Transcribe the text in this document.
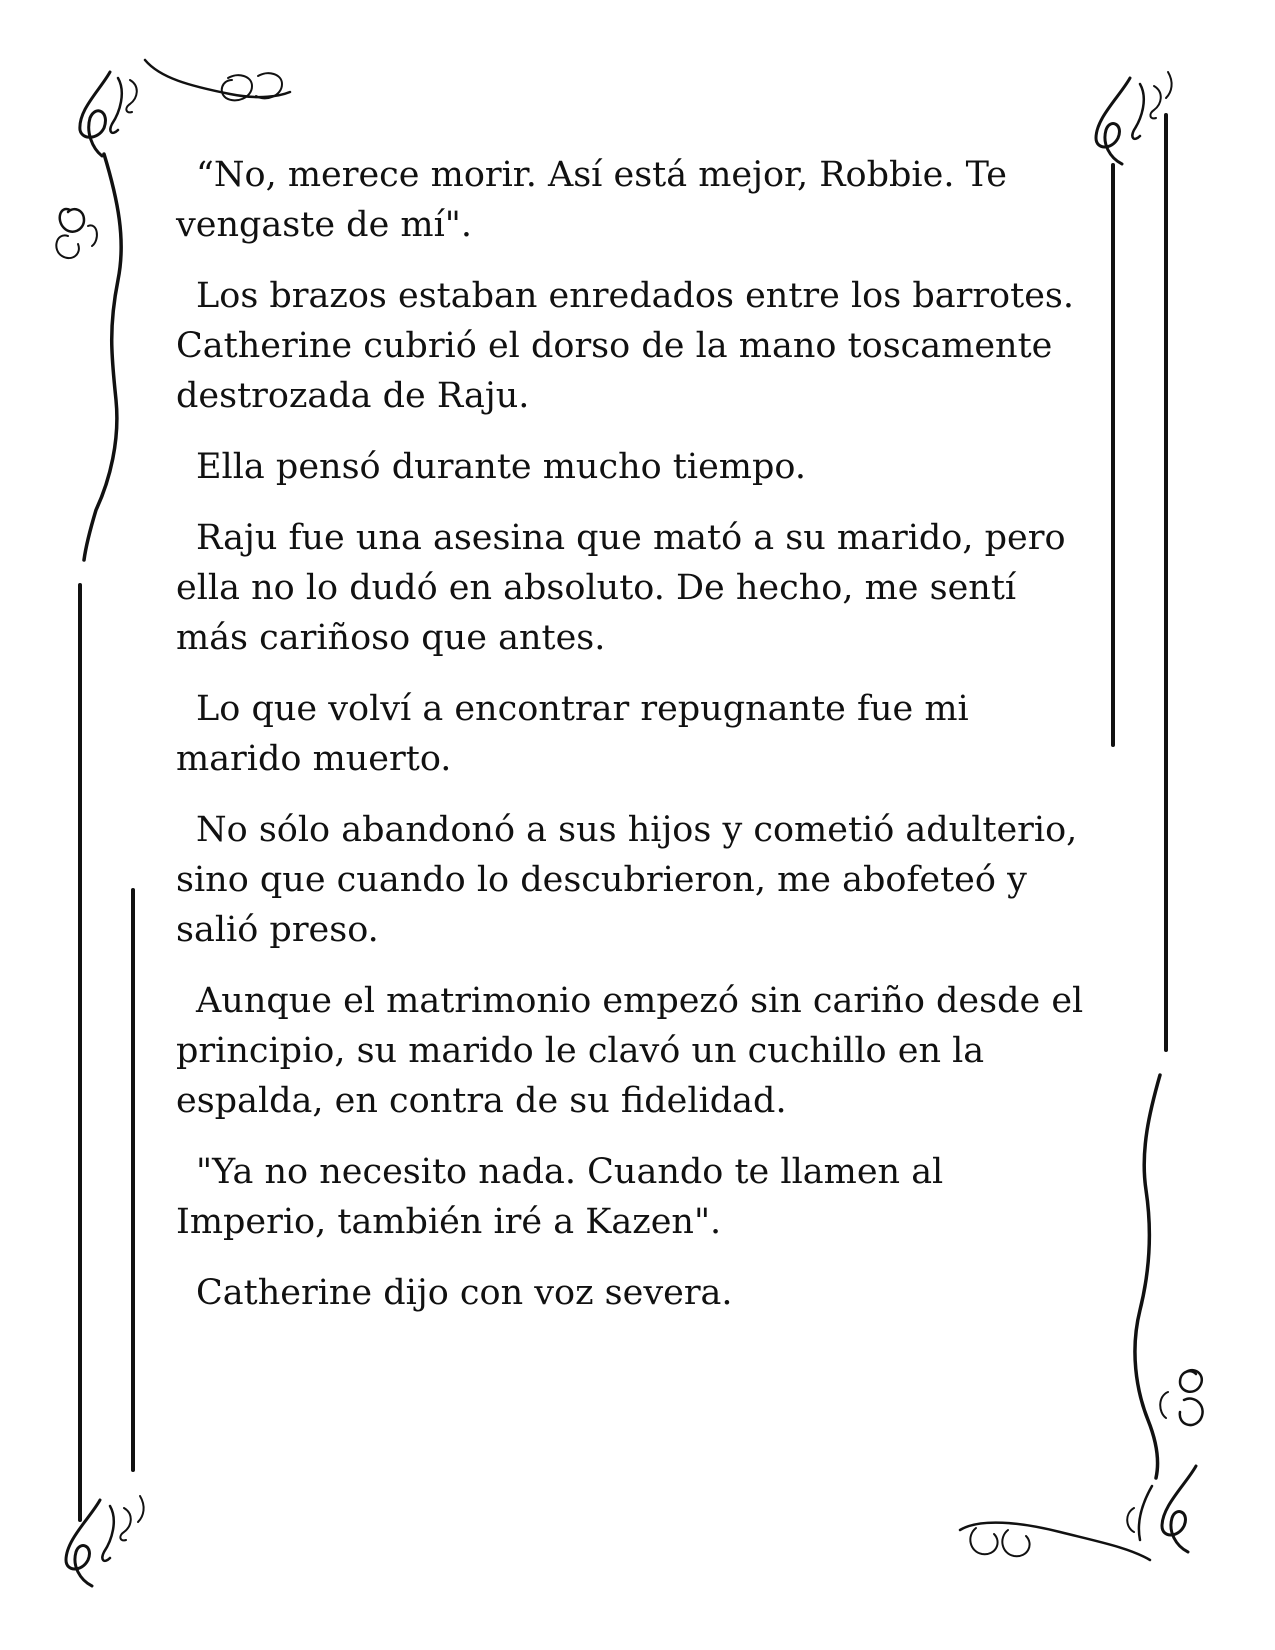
“No, merece morir. Así está mejor, Robbie. Te vengaste de mí".

Los brazos estaban enredados entre los barrotes. Catherine cubrió el dorso de la mano toscamente destrozada de Raju.

Ella pensó durante mucho tiempo.

Raju fue una asesina que mató a su marido, pero ella no lo dudó en absoluto. De hecho, me sentí más cariñoso que antes.

Lo que volví a encontrar repugnante fue mi marido muerto.

No sólo abandonó a sus hijos y cometió adulterio, sino que cuando lo descubrieron, me abofeteó y salió preso.

Aunque el matrimonio empezó sin cariño desde el principio, su marido le clavó un cuchillo en la espalda, en contra de su fidelidad.

"Ya no necesito nada. Cuando te llamen al Imperio, también iré a Kazen".

Catherine dijo con voz severa.
